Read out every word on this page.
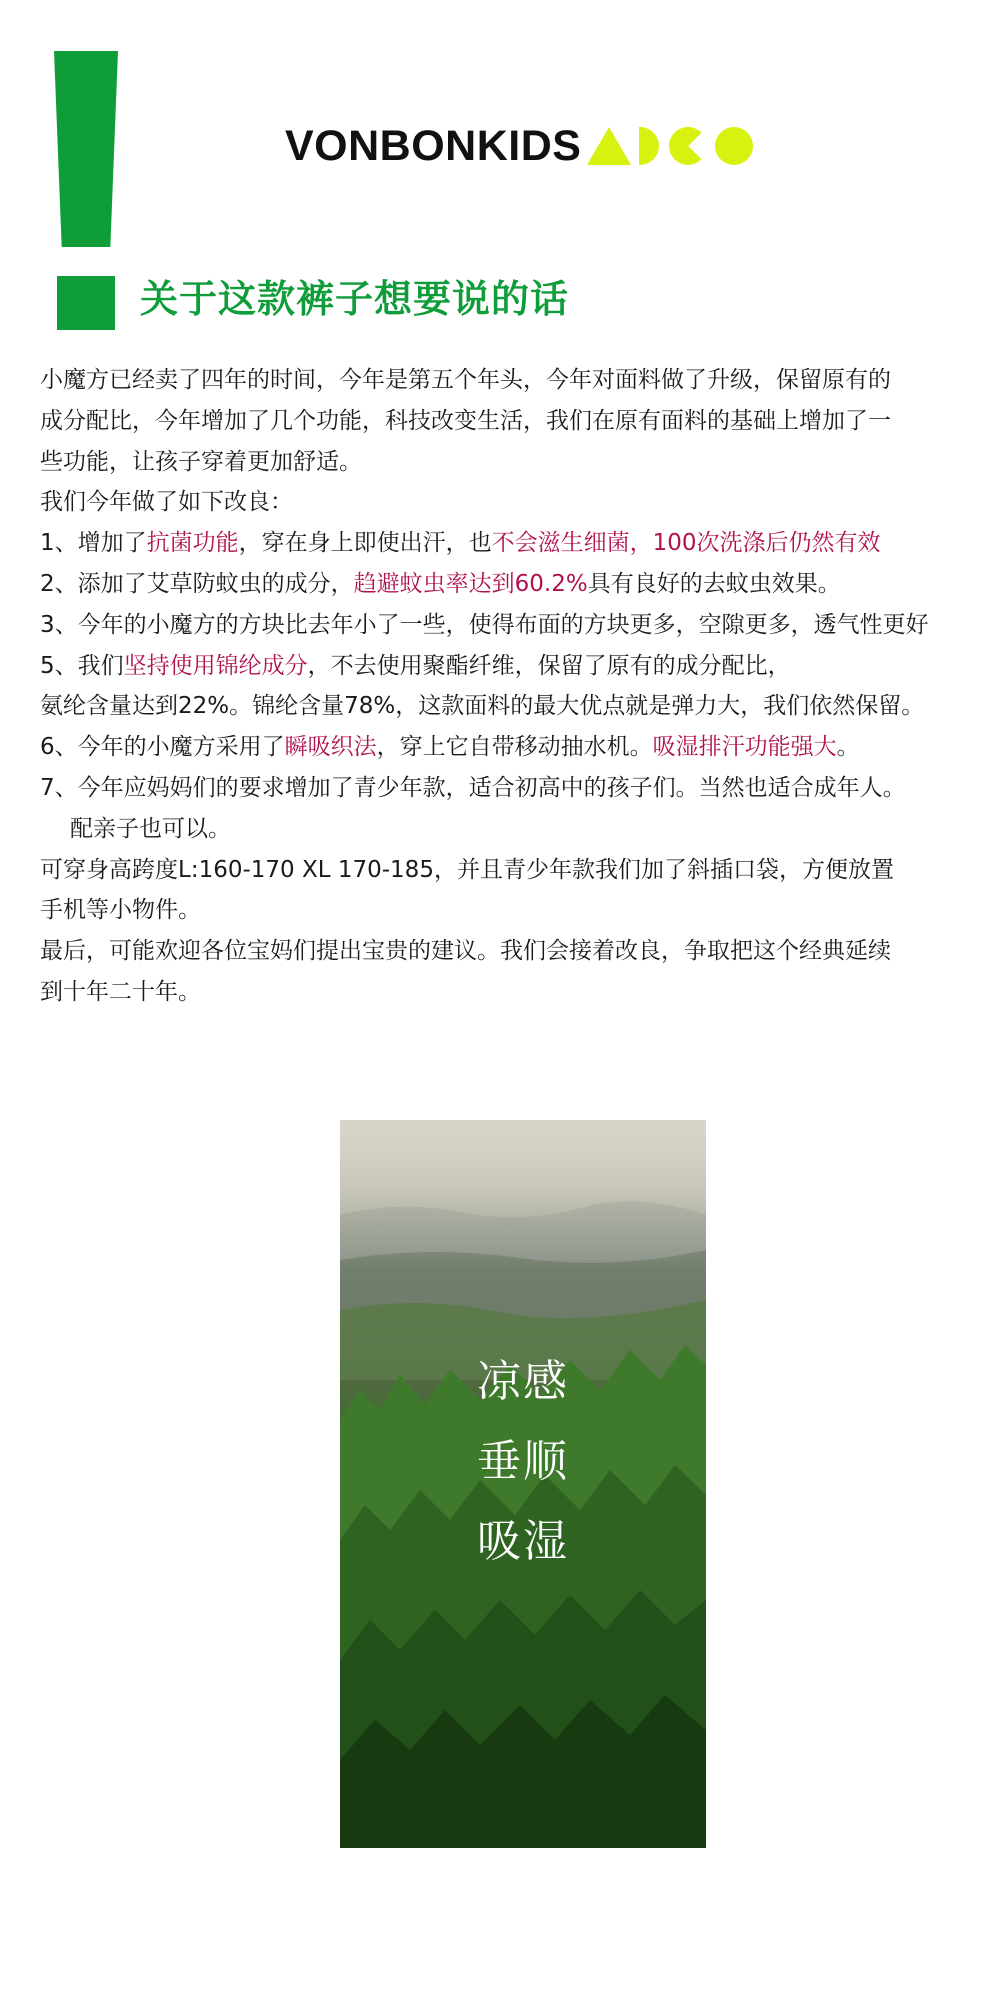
VONBONKIDS
关于这款裤子想要说的话
小魔方已经卖了四年的时间，今年是第五个年头，今年对面料做了升级，保留原有的
成分配比，今年增加了几个功能，科技改变生活，我们在原有面料的基础上增加了一
些功能，让孩子穿着更加舒适。
我们今年做了如下改良：
1、增加了抗菌功能，穿在身上即使出汗，也不会滋生细菌，100次洗涤后仍然有效
2、添加了艾草防蚊虫的成分，趋避蚊虫率达到60.2%具有良好的去蚊虫效果。
3、今年的小魔方的方块比去年小了一些，使得布面的方块更多，空隙更多，透气性更好
5、我们坚持使用锦纶成分，不去使用聚酯纤维，保留了原有的成分配比，
氨纶含量达到22%。锦纶含量78%，这款面料的最大优点就是弹力大，我们依然保留。
6、今年的小魔方采用了瞬吸织法，穿上它自带移动抽水机。吸湿排汗功能强大。
7、今年应妈妈们的要求增加了青少年款，适合初高中的孩子们。当然也适合成年人。
配亲子也可以。
可穿身高跨度L:160-170 XL 170-185，并且青少年款我们加了斜插口袋，方便放置
手机等小物件。
最后，可能欢迎各位宝妈们提出宝贵的建议。我们会接着改良，争取把这个经典延续
到十年二十年。
凉感
垂顺
吸湿
